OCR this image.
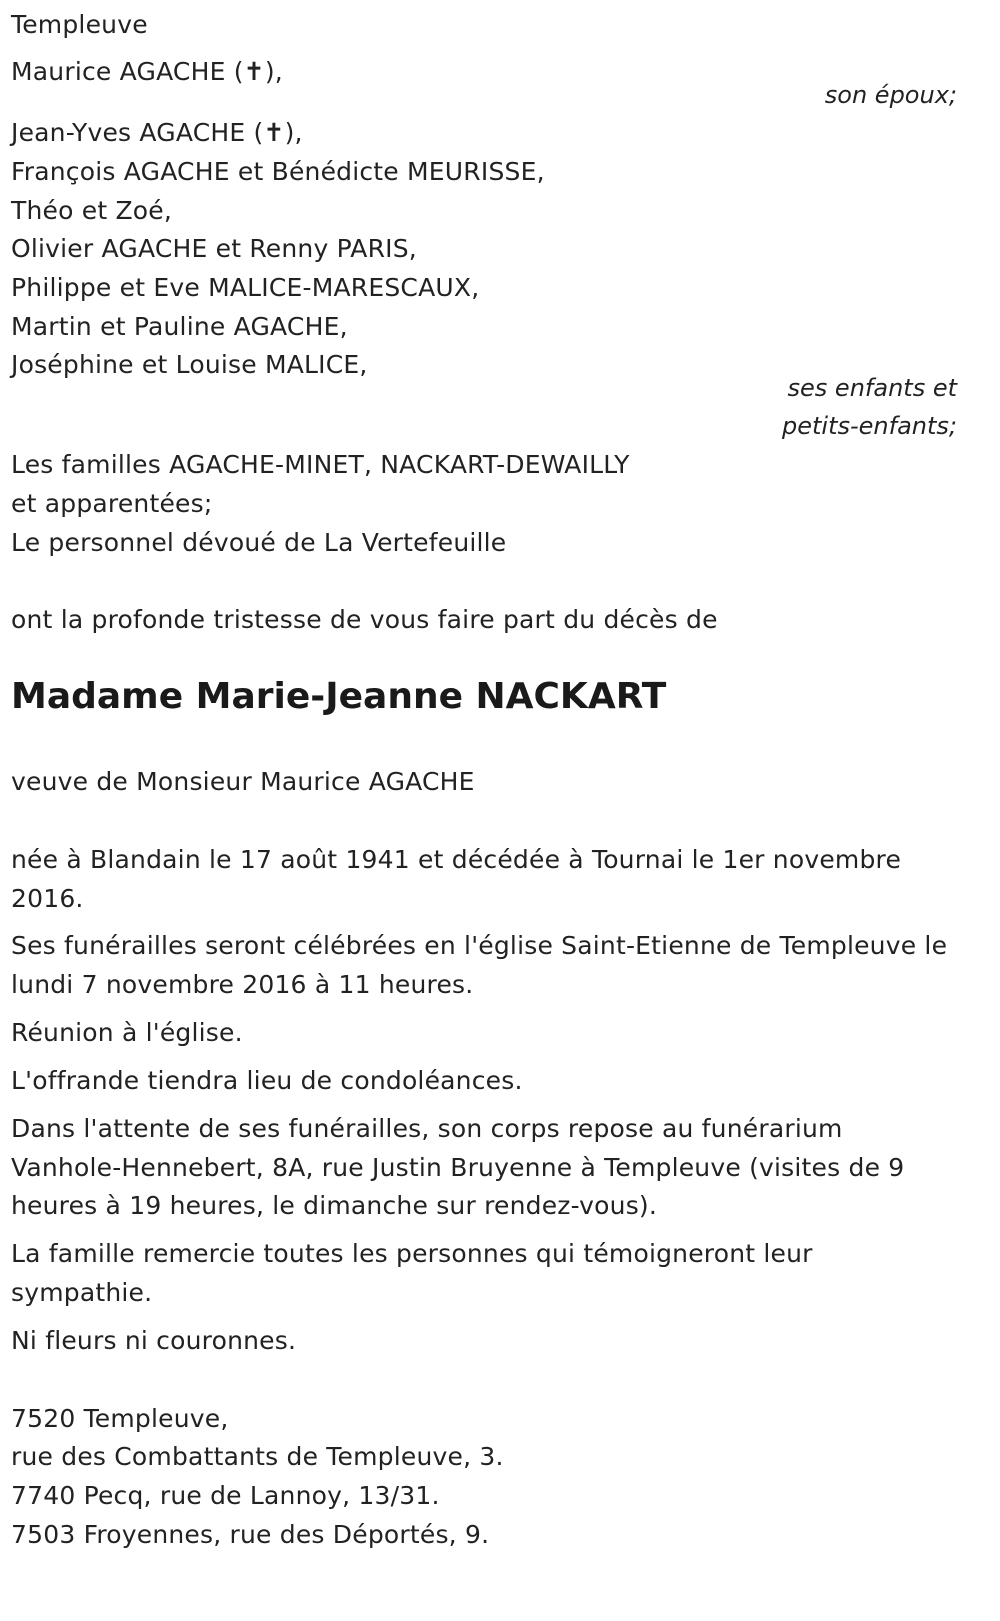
Templeuve
Maurice AGACHE (✝),
son époux;
Jean-Yves AGACHE (✝),
François AGACHE et Bénédicte MEURISSE,
Théo et Zoé,
Olivier AGACHE et Renny PARIS,
Philippe et Eve MALICE-MARESCAUX,
Martin et Pauline AGACHE,
Joséphine et Louise MALICE,
ses enfants et
petits-enfants;
Les familles AGACHE-MINET, NACKART-DEWAILLY
et apparentées;
Le personnel dévoué de La Vertefeuille
ont la profonde tristesse de vous faire part du décès de
Madame Marie-Jeanne NACKART
veuve de Monsieur Maurice AGACHE
née à Blandain le 17 août 1941 et décédée à Tournai le 1er novembre
2016.
Ses funérailles seront célébrées en l'église Saint-Etienne de Templeuve le
lundi 7 novembre 2016 à 11 heures.
Réunion à l'église.
L'offrande tiendra lieu de condoléances.
Dans l'attente de ses funérailles, son corps repose au funérarium
Vanhole-Hennebert, 8A, rue Justin Bruyenne à Templeuve (visites de 9
heures à 19 heures, le dimanche sur rendez-vous).
La famille remercie toutes les personnes qui témoigneront leur
sympathie.
Ni fleurs ni couronnes.
7520 Templeuve,
rue des Combattants de Templeuve, 3.
7740 Pecq, rue de Lannoy, 13/31.
7503 Froyennes, rue des Déportés, 9.
